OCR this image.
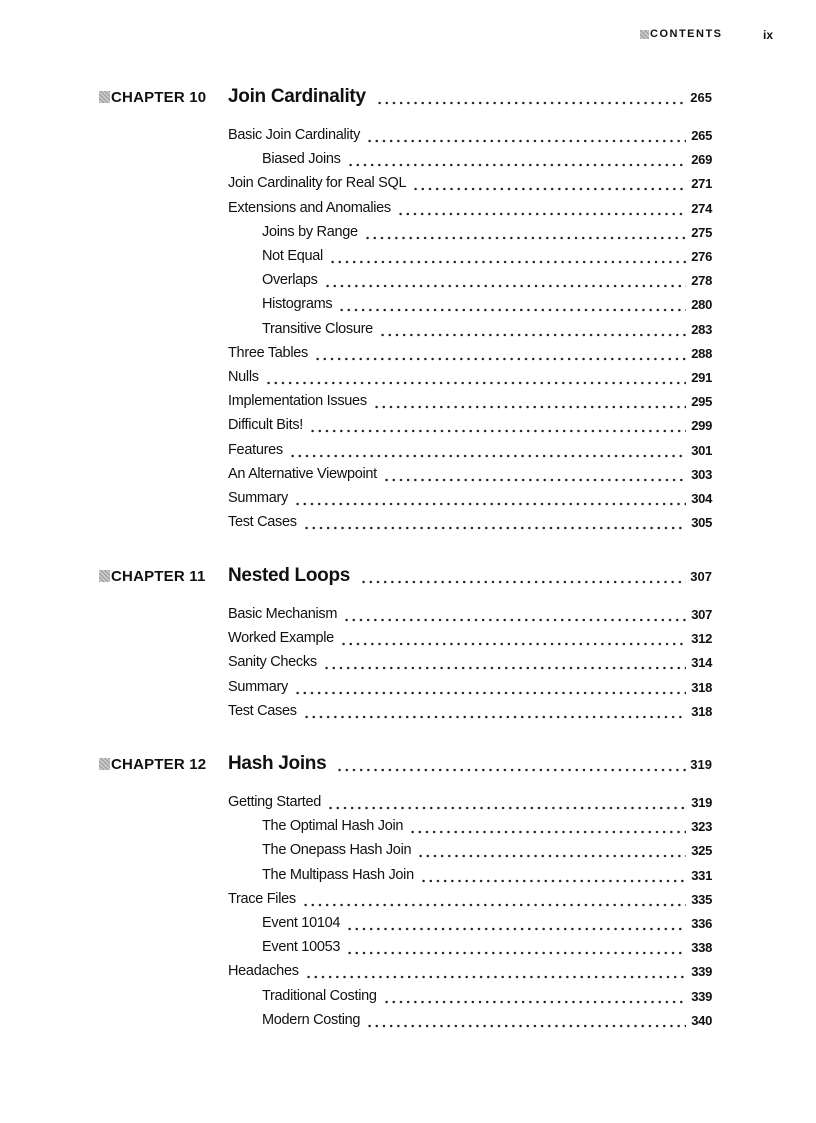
CONTENTS	ix
CHAPTER 10 Join Cardinality	265
Basic Join Cardinality	265
Biased Joins	269
Join Cardinality for Real SQL	271
Extensions and Anomalies	274
Joins by Range	275
Not Equal	276
Overlaps	278
Histograms	280
Transitive Closure	283
Three Tables	288
Nulls	291
Implementation Issues	295
Difficult Bits!	299
Features	301
An Alternative Viewpoint	303
Summary	304
Test Cases	305
CHAPTER 11 Nested Loops	307
Basic Mechanism	307
Worked Example	312
Sanity Checks	314
Summary	318
Test Cases	318
CHAPTER 12 Hash Joins	319
Getting Started	319
The Optimal Hash Join	323
The Onepass Hash Join	325
The Multipass Hash Join	331
Trace Files	335
Event 10104	336
Event 10053	338
Headaches	339
Traditional Costing	339
Modern Costing	340
